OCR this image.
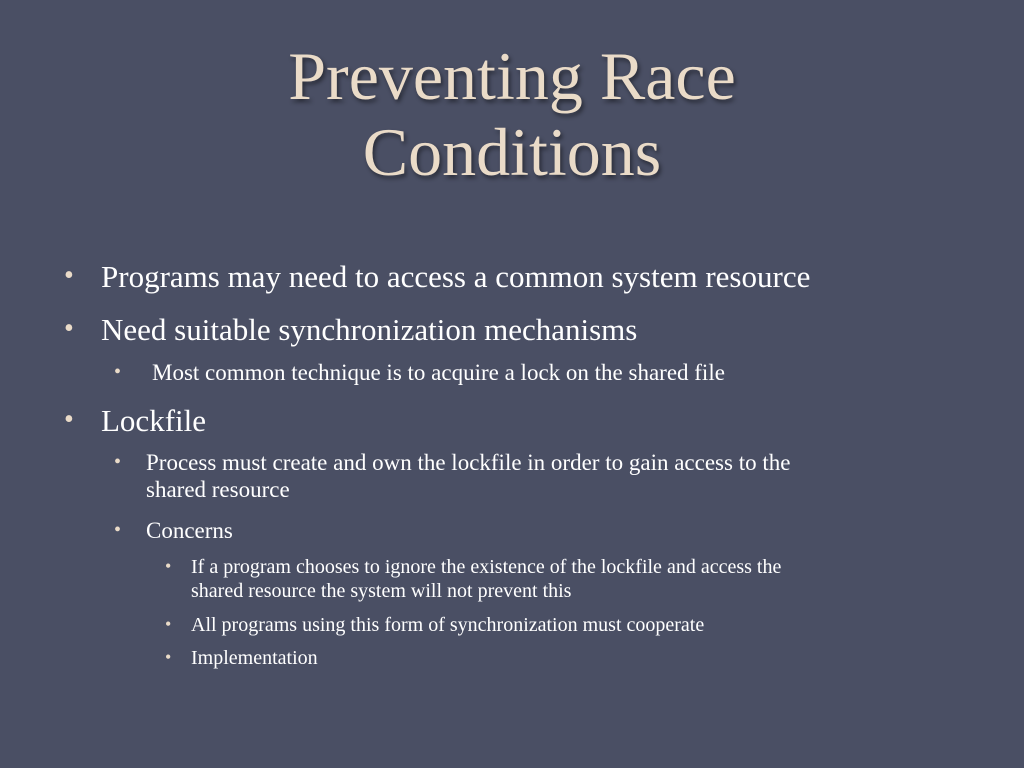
Preventing Race
Conditions
• Programs may need to access a common system resource
• Need suitable synchronization mechanisms
• Most common technique is to acquire a lock on the shared file
• Lockfile
• Process must create and own the lockfile in order to gain access to the
shared resource
• Concerns
• If a program chooses to ignore the existence of the lockfile and access the
shared resource the system will not prevent this
• All programs using this form of synchronization must cooperate
• Implementation
